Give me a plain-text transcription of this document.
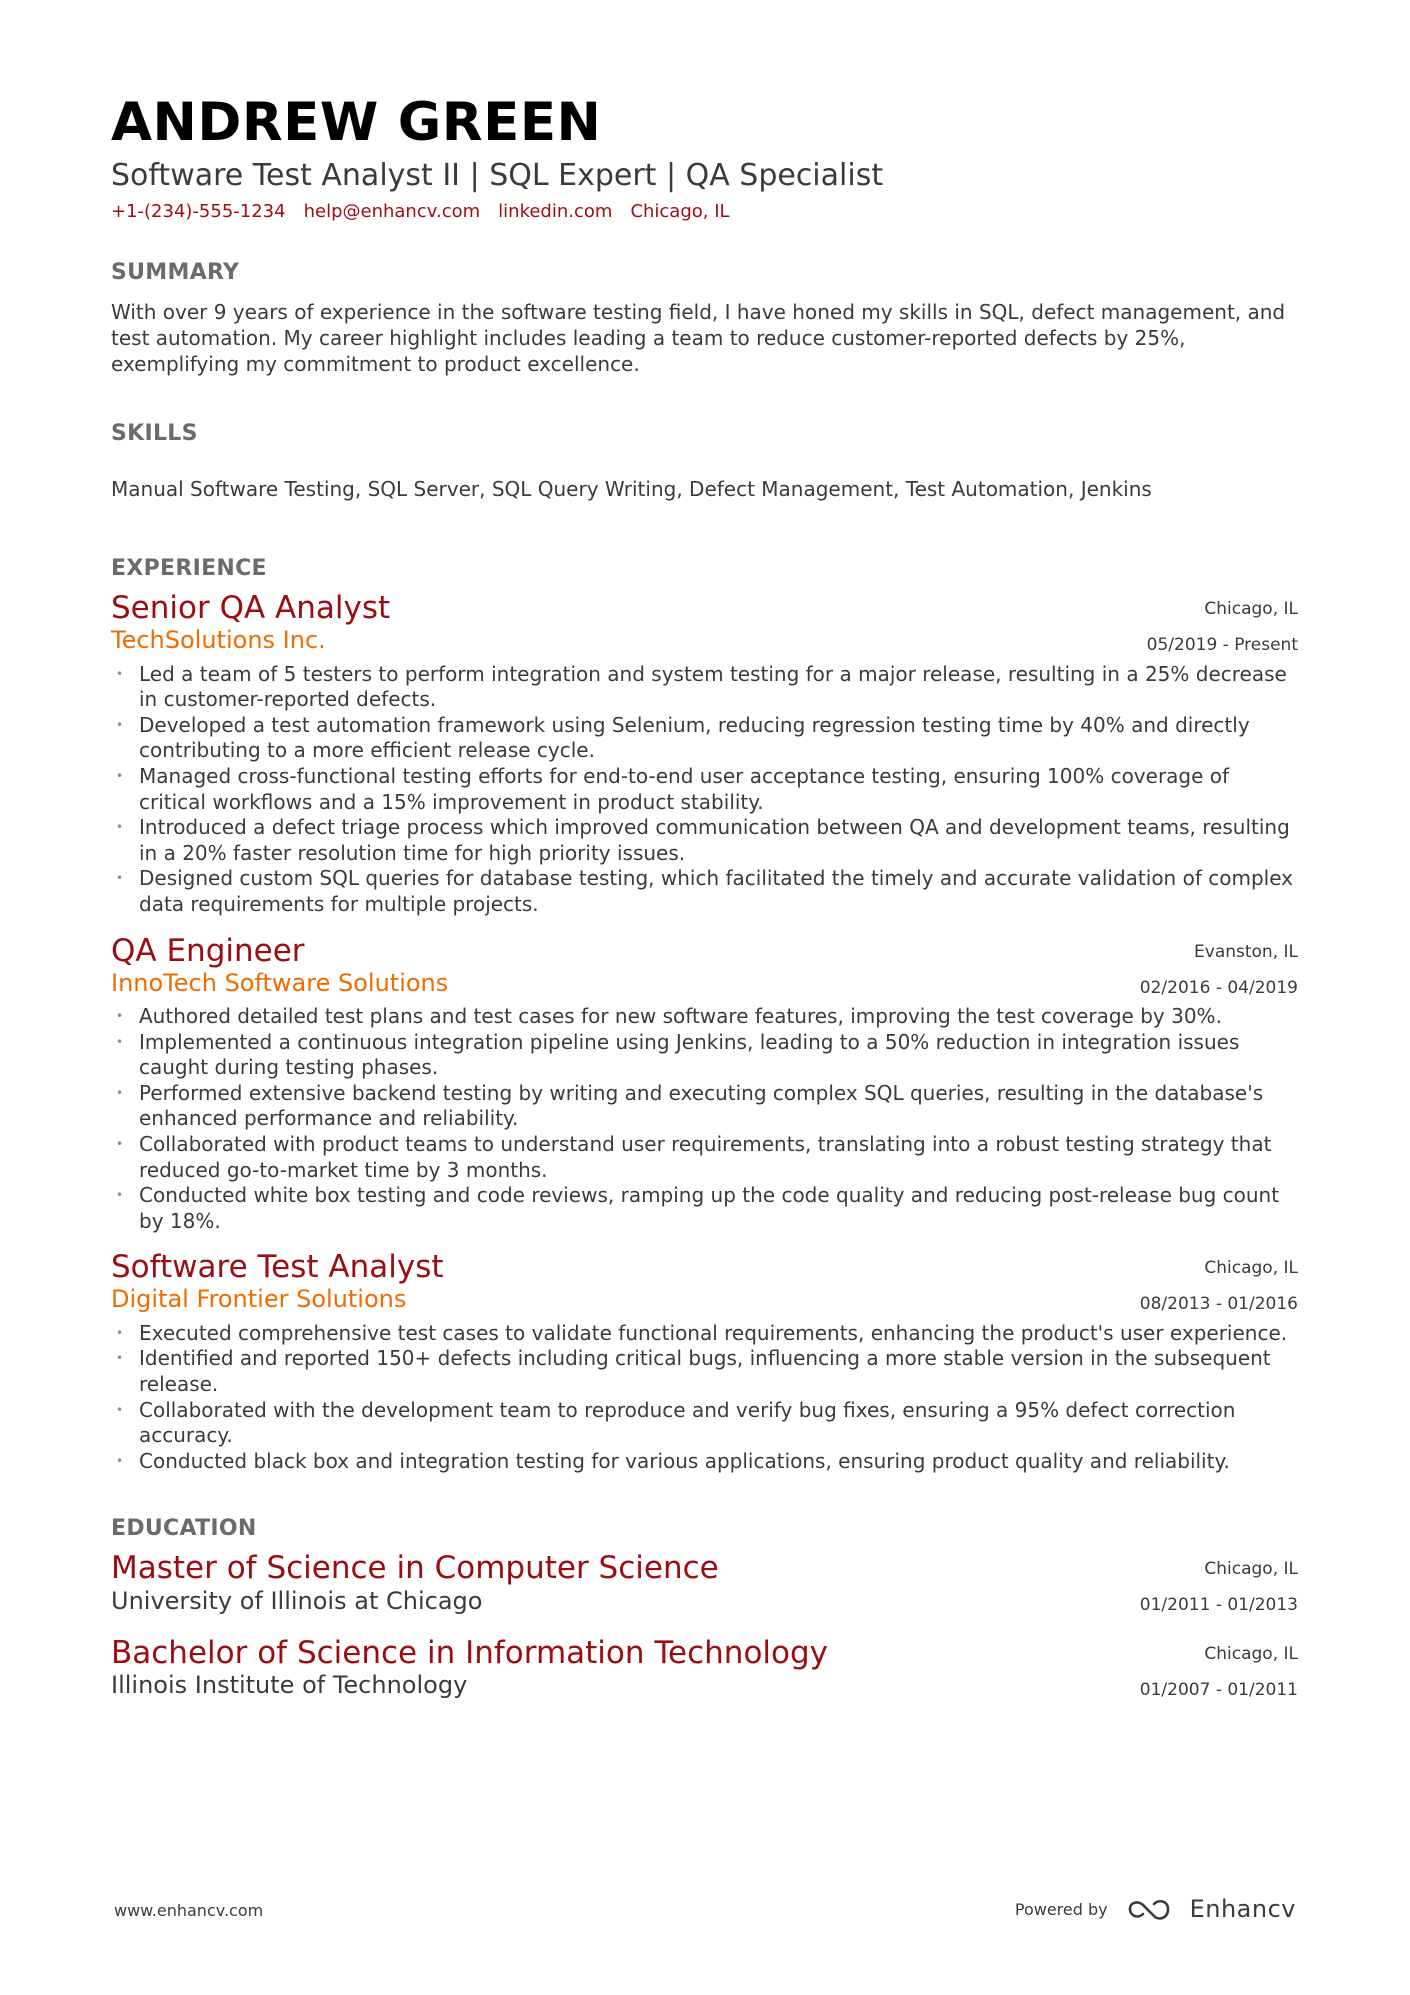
ANDREW GREEN
Software Test Analyst II | SQL Expert | QA Specialist
+1-(234)-555-1234 help@enhancv.com linkedin.com Chicago, IL
SUMMARY
With over 9 years of experience in the software testing field, I have honed my skills in SQL, defect management, and test automation. My career highlight includes leading a team to reduce customer-reported defects by 25%, exemplifying my commitment to product excellence.
SKILLS
Manual Software Testing, SQL Server, SQL Query Writing, Defect Management, Test Automation, Jenkins
EXPERIENCE
Senior QA Analyst
TechSolutions Inc.
Chicago, IL
05/2019 - Present
• Led a team of 5 testers to perform integration and system testing for a major release, resulting in a 25% decrease in customer-reported defects.
• Developed a test automation framework using Selenium, reducing regression testing time by 40% and directly contributing to a more efficient release cycle.
• Managed cross-functional testing efforts for end-to-end user acceptance testing, ensuring 100% coverage of critical workflows and a 15% improvement in product stability.
• Introduced a defect triage process which improved communication between QA and development teams, resulting in a 20% faster resolution time for high priority issues.
• Designed custom SQL queries for database testing, which facilitated the timely and accurate validation of complex data requirements for multiple projects.
QA Engineer
InnoTech Software Solutions
Evanston, IL
02/2016 - 04/2019
• Authored detailed test plans and test cases for new software features, improving the test coverage by 30%.
• Implemented a continuous integration pipeline using Jenkins, leading to a 50% reduction in integration issues caught during testing phases.
• Performed extensive backend testing by writing and executing complex SQL queries, resulting in the database's enhanced performance and reliability.
• Collaborated with product teams to understand user requirements, translating into a robust testing strategy that reduced go-to-market time by 3 months.
• Conducted white box testing and code reviews, ramping up the code quality and reducing post-release bug count by 18%.
Software Test Analyst
Digital Frontier Solutions
Chicago, IL
08/2013 - 01/2016
• Executed comprehensive test cases to validate functional requirements, enhancing the product's user experience.
• Identified and reported 150+ defects including critical bugs, influencing a more stable version in the subsequent release.
• Collaborated with the development team to reproduce and verify bug fixes, ensuring a 95% defect correction accuracy.
• Conducted black box and integration testing for various applications, ensuring product quality and reliability.
EDUCATION
Master of Science in Computer Science
University of Illinois at Chicago
Chicago, IL
01/2011 - 01/2013
Bachelor of Science in Information Technology
Illinois Institute of Technology
Chicago, IL
01/2007 - 01/2011
www.enhancv.com	Powered by	Enhancv
